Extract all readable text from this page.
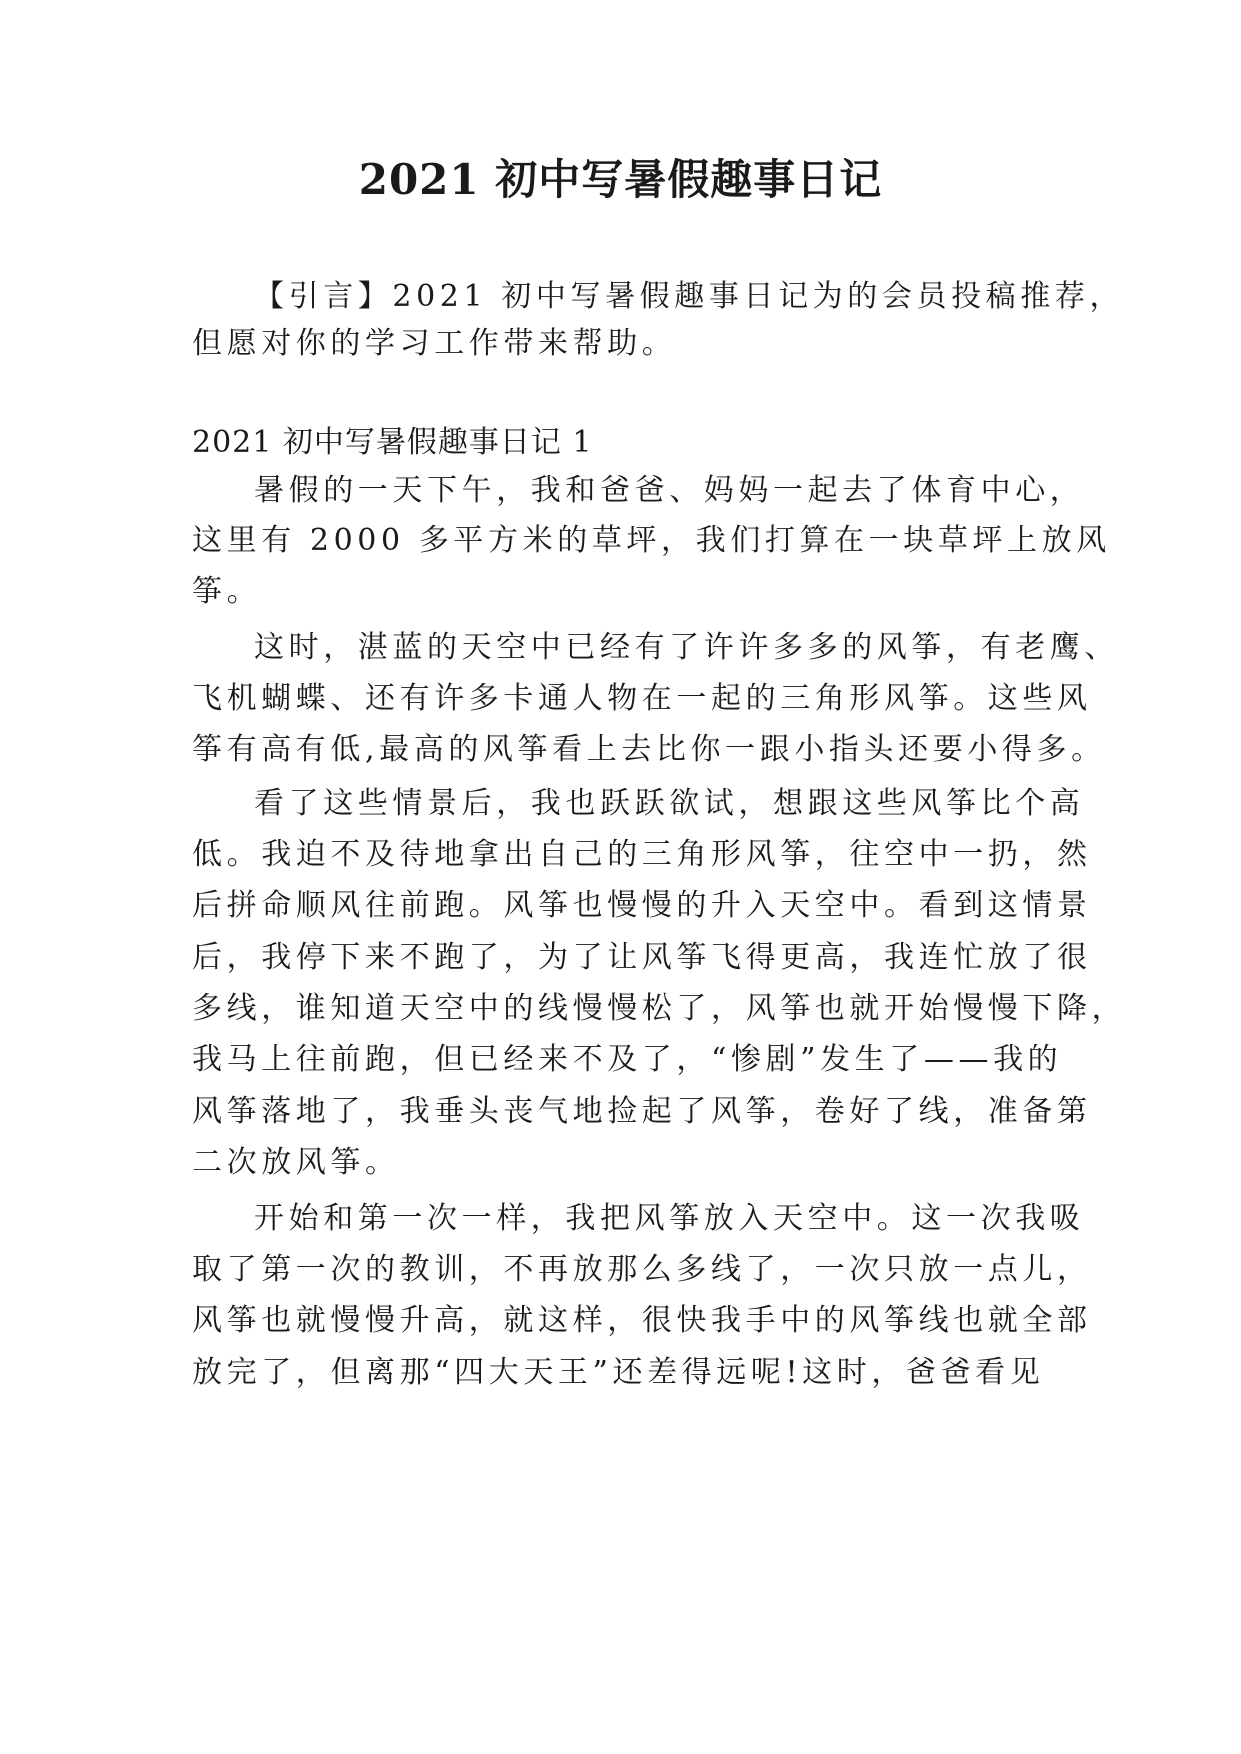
2021 初中写暑假趣事日记
【引言】2021 初中写暑假趣事日记为的会员投稿推荐，
但愿对你的学习工作带来帮助。
2021 初中写暑假趣事日记 1
暑假的一天下午，我和爸爸、妈妈一起去了体育中心，
这里有 2000 多平方米的草坪，我们打算在一块草坪上放风
筝。
这时，湛蓝的天空中已经有了许许多多的风筝，有老鹰、
飞机蝴蝶、还有许多卡通人物在一起的三角形风筝。这些风
筝有高有低,最高的风筝看上去比你一跟小指头还要小得多。
看了这些情景后，我也跃跃欲试，想跟这些风筝比个高
低。我迫不及待地拿出自己的三角形风筝，往空中一扔，然
后拼命顺风往前跑。风筝也慢慢的升入天空中。看到这情景
后，我停下来不跑了，为了让风筝飞得更高，我连忙放了很
多线，谁知道天空中的线慢慢松了，风筝也就开始慢慢下降，
我马上往前跑，但已经来不及了，“惨剧”发生了——我的
风筝落地了，我垂头丧气地捡起了风筝，卷好了线，准备第
二次放风筝。
开始和第一次一样，我把风筝放入天空中。这一次我吸
取了第一次的教训，不再放那么多线了，一次只放一点儿，
风筝也就慢慢升高，就这样，很快我手中的风筝线也就全部
放完了，但离那“四大天王”还差得远呢!这时，爸爸看见
